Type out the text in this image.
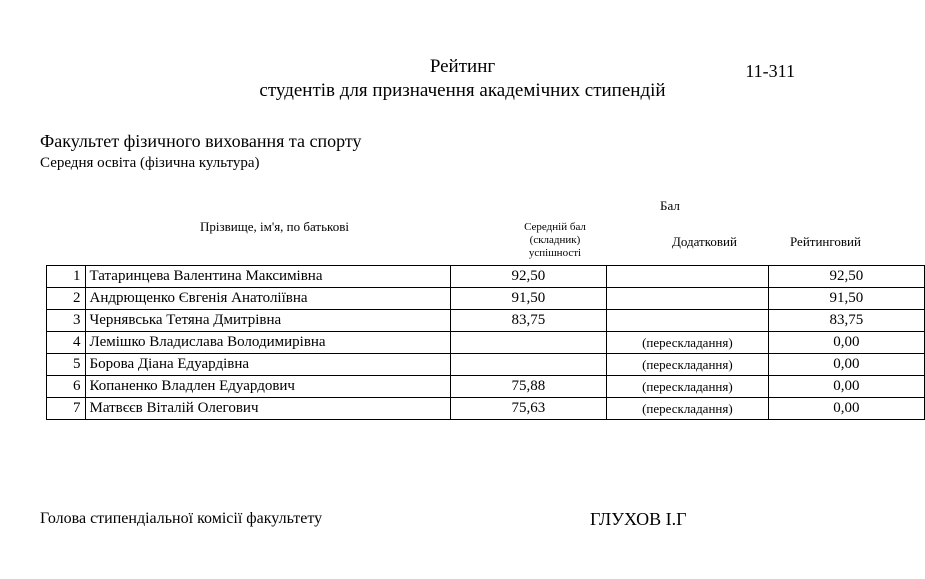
Рейтинг
студентів для призначення академічних стипендій
11-311
Факультет фізичного виховання та спорту
Середня освіта (фізична культура)
Бал
Прізвище, ім'я, по батькові	Середній бал (складник) успішності
Додатковий	Рейтинговий
1	Татаринцева Валентина Максимівна	92,50		92,50
2	Андрющенко Євгенія Анатоліївна	91,50		91,50
3	Чернявська Тетяна Дмитрівна	83,75		83,75
4	Лемішко Владислава Володимирівна		(перескладання)	0,00
5	Борова Діана Едуардівна		(перескладання)	0,00
6	Копаненко Владлен Едуардович	75,88	(перескладання)	0,00
7	Матвєєв Віталій Олегович	75,63	(перескладання)	0,00
Голова стипендіальної комісії факультету	ГЛУХОВ І.Г
